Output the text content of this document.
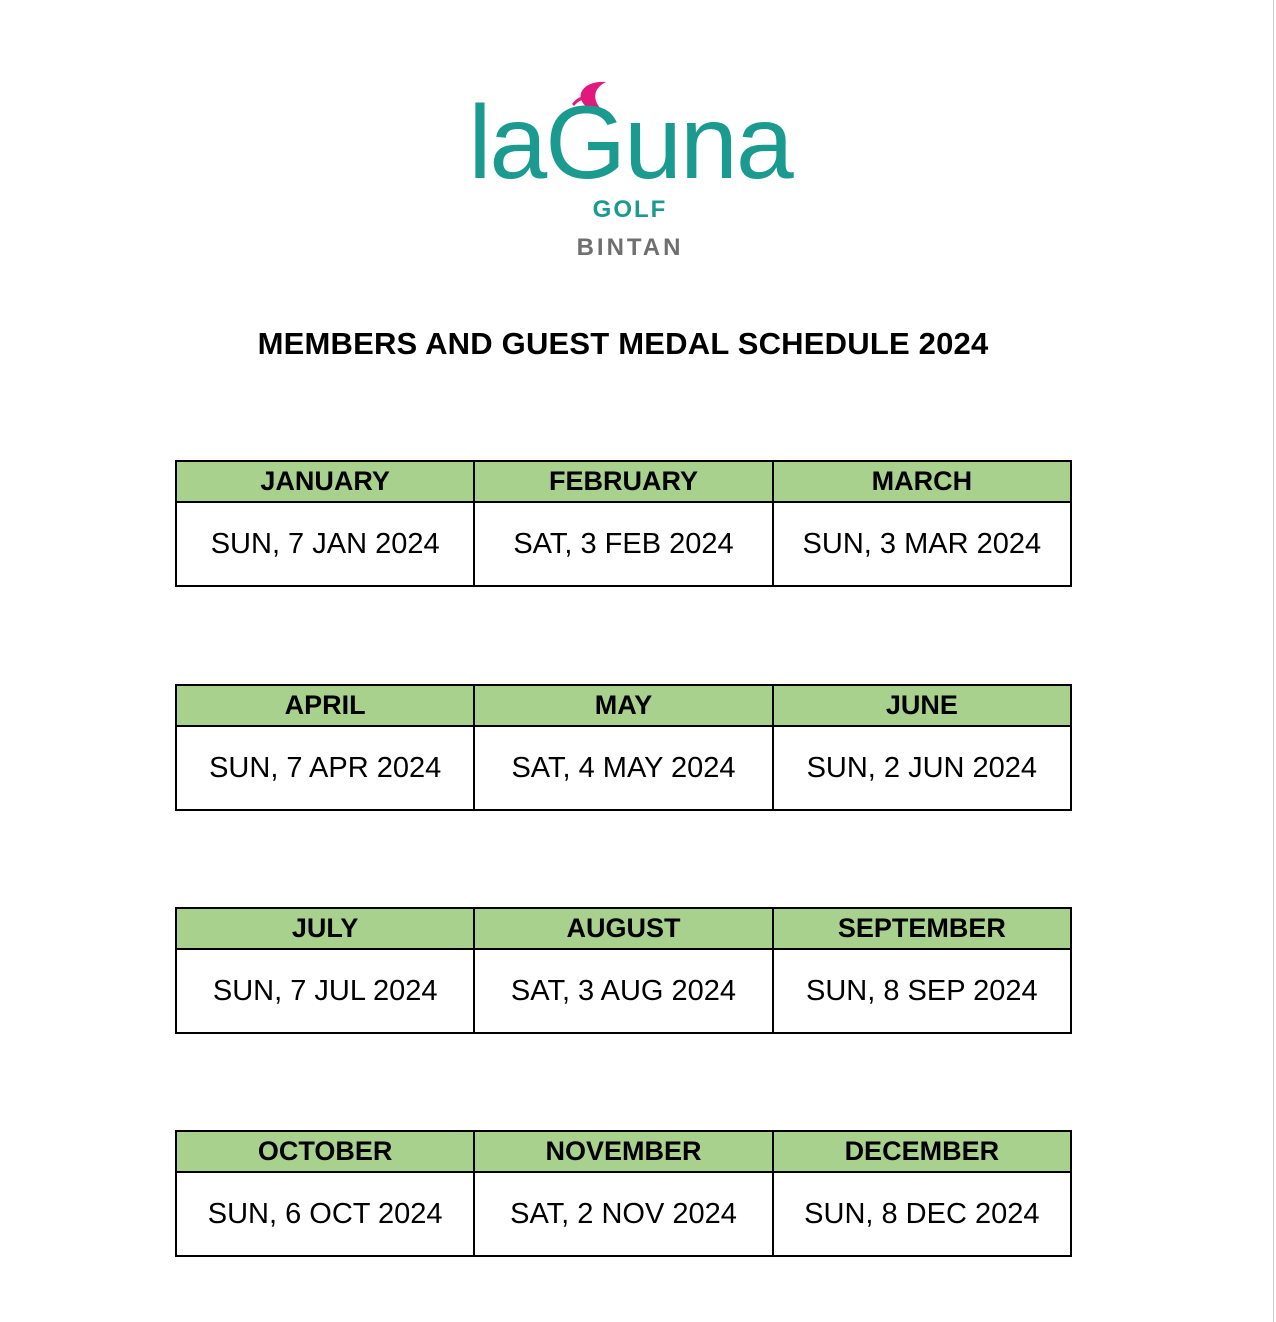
laGuna
GOLF
BINTAN
MEMBERS AND GUEST MEDAL SCHEDULE 2024
JANUARY	FEBRUARY	MARCH
SUN, 7 JAN 2024	SAT, 3 FEB 2024	SUN, 3 MAR 2024
APRIL	MAY	JUNE
SUN, 7 APR 2024	SAT, 4 MAY 2024	SUN, 2 JUN 2024
JULY	AUGUST	SEPTEMBER
SUN, 7 JUL 2024	SAT, 3 AUG 2024	SUN, 8 SEP 2024
OCTOBER	NOVEMBER	DECEMBER
SUN, 6 OCT 2024	SAT, 2 NOV 2024	SUN, 8 DEC 2024
